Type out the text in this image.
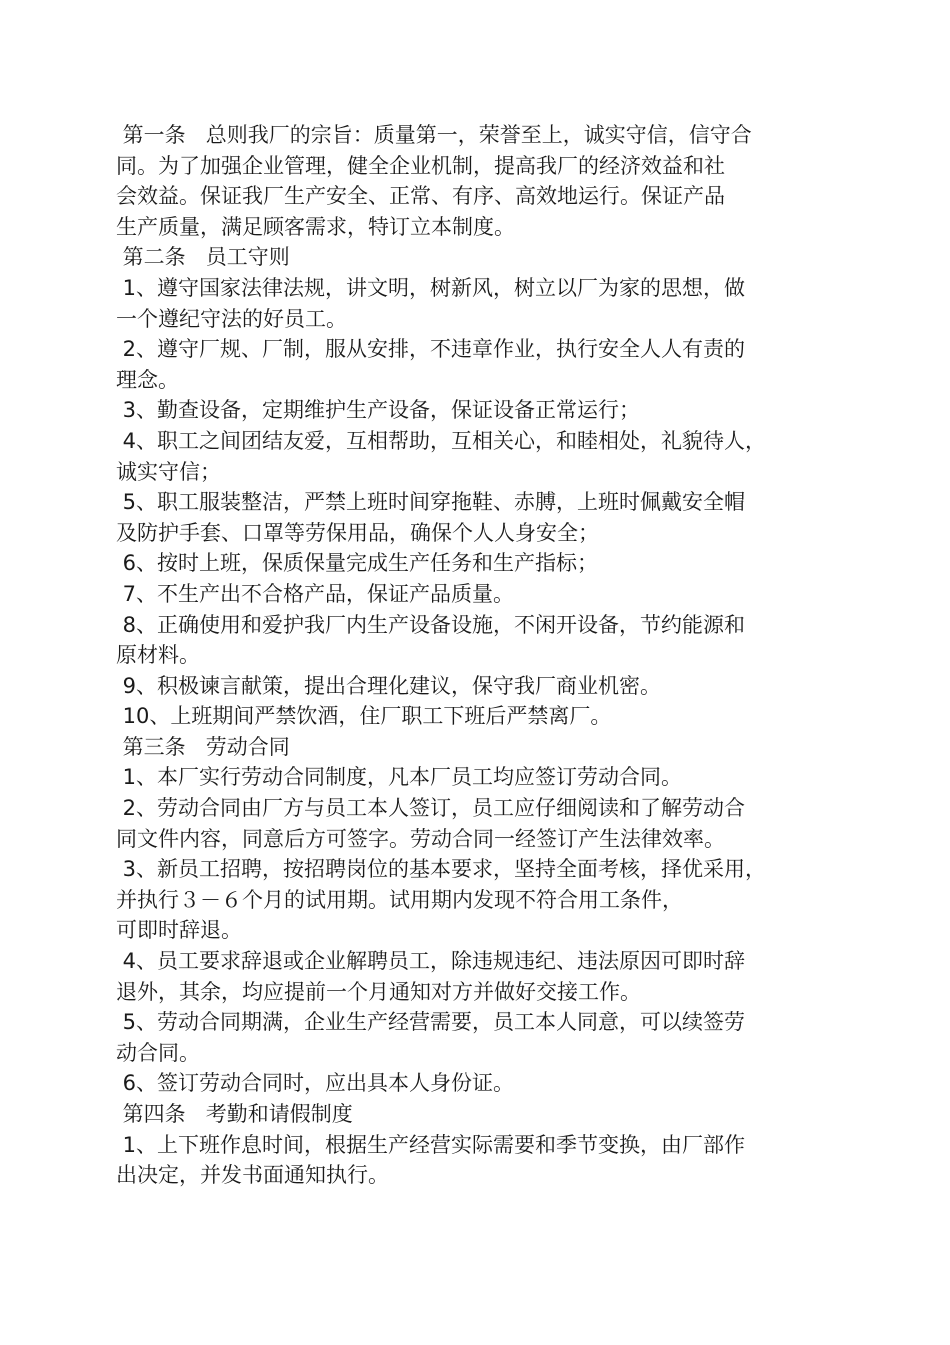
第一条   总则我厂的宗旨：质量第一，荣誉至上，诚实守信，信守合
同。为了加强企业管理，健全企业机制，提高我厂的经济效益和社
会效益。保证我厂生产安全、正常、有序、高效地运行。保证产品
生产质量，满足顾客需求，特订立本制度。
第二条   员工守则
1、遵守国家法律法规，讲文明，树新风，树立以厂为家的思想，做
一个遵纪守法的好员工。
2、遵守厂规、厂制，服从安排，不违章作业，执行安全人人有责的
理念。
3、勤查设备，定期维护生产设备，保证设备正常运行；
4、职工之间团结友爱，互相帮助，互相关心，和睦相处，礼貌待人，
诚实守信；
5、职工服装整洁，严禁上班时间穿拖鞋、赤膊，上班时佩戴安全帽
及防护手套、口罩等劳保用品，确保个人人身安全；
6、按时上班，保质保量完成生产任务和生产指标；
7、不生产出不合格产品，保证产品质量。
8、正确使用和爱护我厂内生产设备设施，不闲开设备，节约能源和
原材料。
9、积极谏言献策，提出合理化建议，保守我厂商业机密。
10、上班期间严禁饮酒，住厂职工下班后严禁离厂。
第三条   劳动合同
1、本厂实行劳动合同制度，凡本厂员工均应签订劳动合同。
2、劳动合同由厂方与员工本人签订，员工应仔细阅读和了解劳动合
同文件内容，同意后方可签字。劳动合同一经签订产生法律效率。
3、新员工招聘，按招聘岗位的基本要求，坚持全面考核，择优采用，
并执行３－６个月的试用期。试用期内发现不符合用工条件，
可即时辞退。
4、员工要求辞退或企业解聘员工，除违规违纪、违法原因可即时辞
退外，其余，均应提前一个月通知对方并做好交接工作。
5、劳动合同期满，企业生产经营需要，员工本人同意，可以续签劳
动合同。
6、签订劳动合同时，应出具本人身份证。
第四条   考勤和请假制度
1、上下班作息时间，根据生产经营实际需要和季节变换，由厂部作
出决定，并发书面通知执行。
